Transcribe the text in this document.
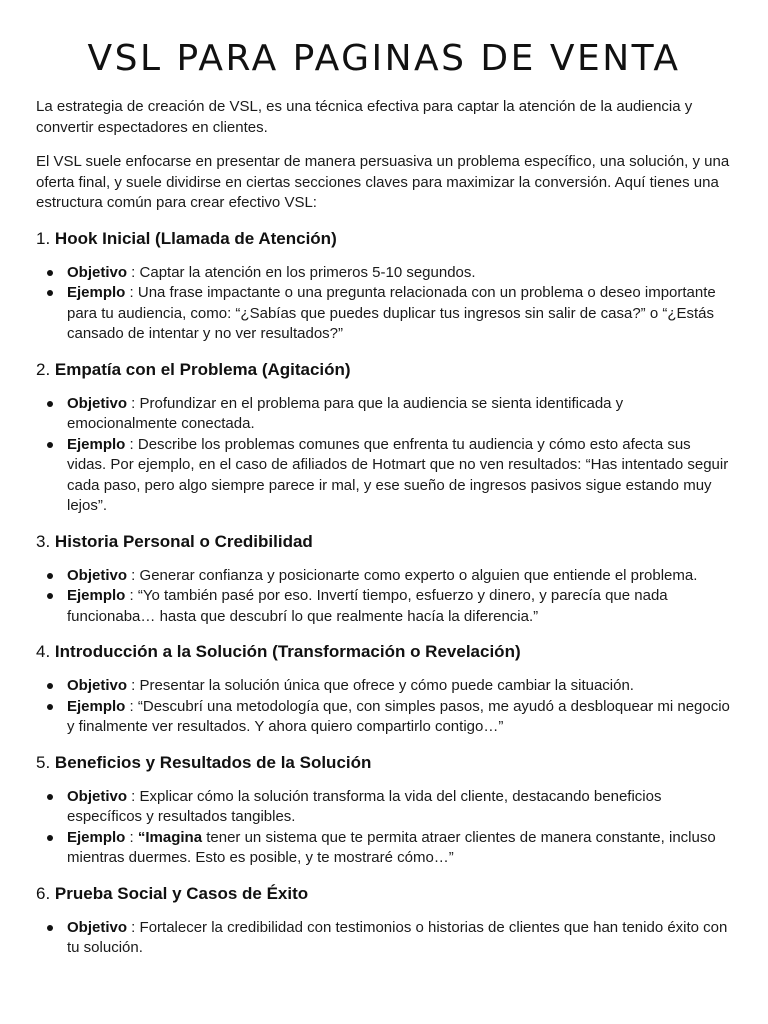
VSL PARA PAGINAS DE VENTA

La estrategia de creación de VSL, es una técnica efectiva para captar la atención de la audiencia y convertir espectadores en clientes.

El VSL suele enfocarse en presentar de manera persuasiva un problema específico, una solución, y una oferta final, y suele dividirse en ciertas secciones claves para maximizar la conversión. Aquí tienes una estructura común para crear efectivo VSL:

1. Hook Inicial (Llamada de Atención)
Objetivo : Captar la atención en los primeros 5-10 segundos.
Ejemplo : Una frase impactante o una pregunta relacionada con un problema o deseo importante para tu audiencia, como: “¿Sabías que puedes duplicar tus ingresos sin salir de casa?” o “¿Estás cansado de intentar y no ver resultados?”
2. Empatía con el Problema (Agitación)
Objetivo : Profundizar en el problema para que la audiencia se sienta identificada y emocionalmente conectada.
Ejemplo : Describe los problemas comunes que enfrenta tu audiencia y cómo esto afecta sus vidas. Por ejemplo, en el caso de afiliados de Hotmart que no ven resultados: “Has intentado seguir cada paso, pero algo siempre parece ir mal, y ese sueño de ingresos pasivos sigue estando muy lejos”.
3. Historia Personal o Credibilidad
Objetivo : Generar confianza y posicionarte como experto o alguien que entiende el problema.
Ejemplo : “Yo también pasé por eso. Invertí tiempo, esfuerzo y dinero, y parecía que nada funcionaba… hasta que descubrí lo que realmente hacía la diferencia.”
4. Introducción a la Solución (Transformación o Revelación)
Objetivo : Presentar la solución única que ofrece y cómo puede cambiar la situación.
Ejemplo : “Descubrí una metodología que, con simples pasos, me ayudó a desbloquear mi negocio y finalmente ver resultados. Y ahora quiero compartirlo contigo…”
5. Beneficios y Resultados de la Solución
Objetivo : Explicar cómo la solución transforma la vida del cliente, destacando beneficios específicos y resultados tangibles.
Ejemplo : “Imagina tener un sistema que te permita atraer clientes de manera constante, incluso mientras duermes. Esto es posible, y te mostraré cómo…”
6. Prueba Social y Casos de Éxito
Objetivo : Fortalecer la credibilidad con testimonios o historias de clientes que han tenido éxito con tu solución.
